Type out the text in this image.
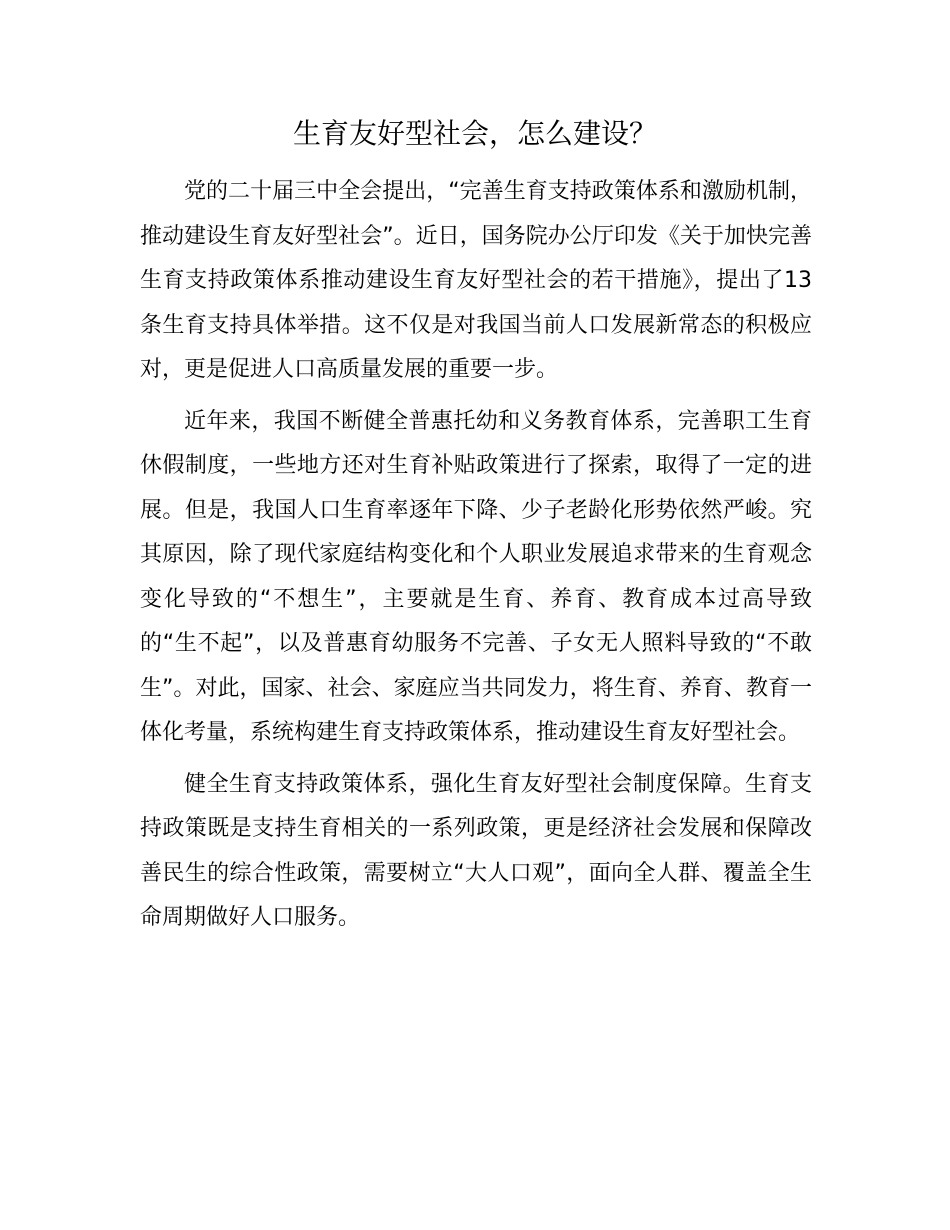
生育友好型社会，怎么建设？

党的二十届三中全会提出，“完善生育支持政策体系和激励机制，推动建设生育友好型社会”。近日，国务院办公厅印发《关于加快完善生育支持政策体系推动建设生育友好型社会的若干措施》，提出了13条生育支持具体举措。这不仅是对我国当前人口发展新常态的积极应对，更是促进人口高质量发展的重要一步。

近年来，我国不断健全普惠托幼和义务教育体系，完善职工生育休假制度，一些地方还对生育补贴政策进行了探索，取得了一定的进展。但是，我国人口生育率逐年下降、少子老龄化形势依然严峻。究其原因，除了现代家庭结构变化和个人职业发展追求带来的生育观念变化导致的“不想生”，主要就是生育、养育、教育成本过高导致的“生不起”，以及普惠育幼服务不完善、子女无人照料导致的“不敢生”。对此，国家、社会、家庭应当共同发力，将生育、养育、教育一体化考量，系统构建生育支持政策体系，推动建设生育友好型社会。

健全生育支持政策体系，强化生育友好型社会制度保障。生育支持政策既是支持生育相关的一系列政策，更是经济社会发展和保障改善民生的综合性政策，需要树立“大人口观”，面向全人群、覆盖全生命周期做好人口服务。
